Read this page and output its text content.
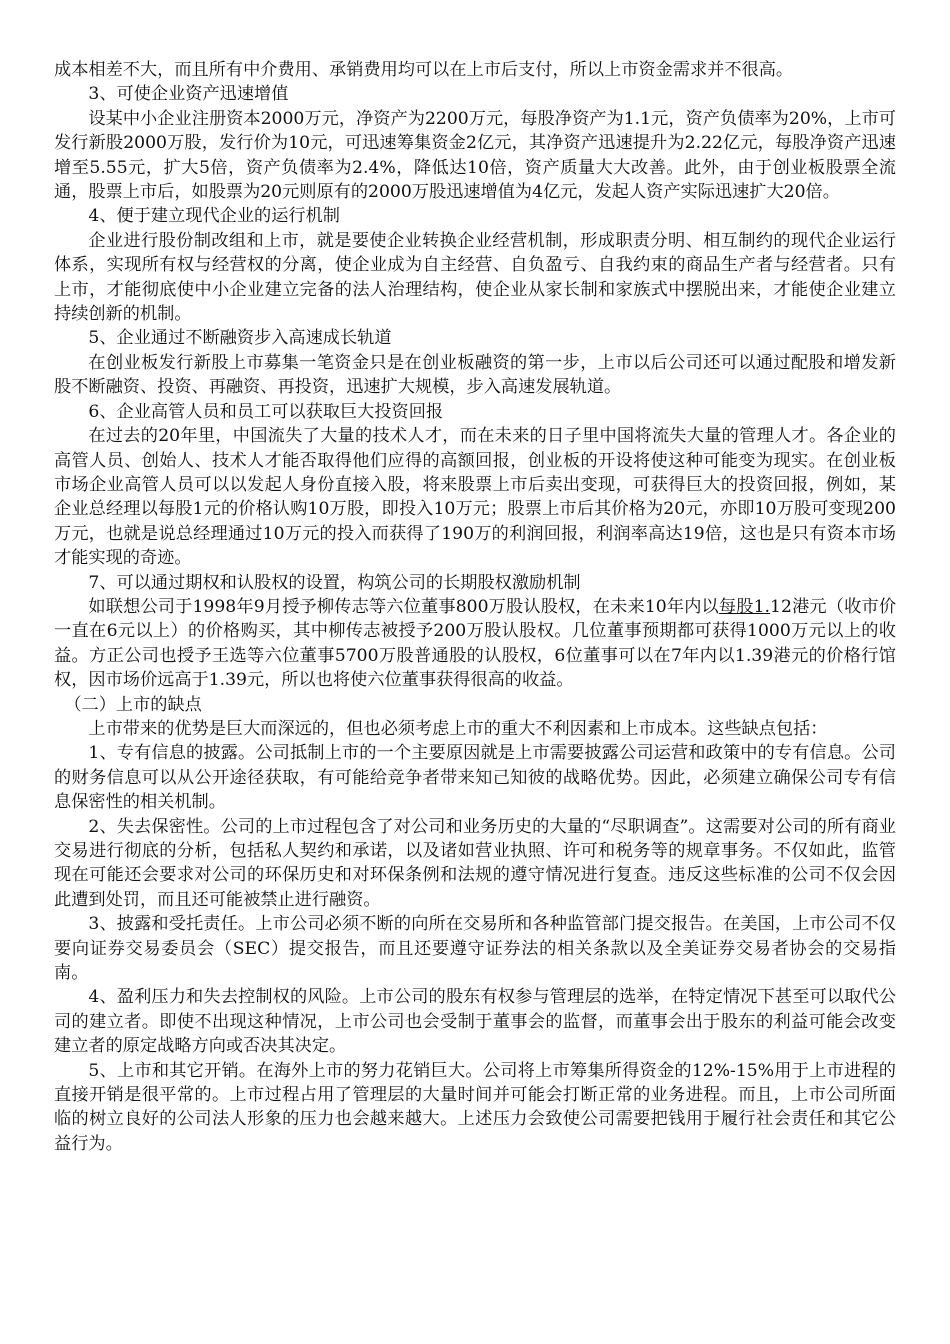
成本相差不大，而且所有中介费用、承销费用均可以在上市后支付，所以上市资金需求并不很高。

3、可使企业资产迅速增值

设某中小企业注册资本2000万元，净资产为2200万元，每股净资产为1.1元，资产负债率为20%，上市可发行新股2000万股，发行价为10元，可迅速筹集资金2亿元，其净资产迅速提升为2.22亿元，每股净资产迅速增至5.55元，扩大5倍，资产负债率为2.4%，降低达10倍，资产质量大大改善。此外，由于创业板股票全流通，股票上市后，如股票为20元则原有的2000万股迅速增值为4亿元，发起人资产实际迅速扩大20倍。

4、便于建立现代企业的运行机制

企业进行股份制改组和上市，就是要使企业转换企业经营机制，形成职责分明、相互制约的现代企业运行体系，实现所有权与经营权的分离，使企业成为自主经营、自负盈亏、自我约束的商品生产者与经营者。只有上市，才能彻底使中小企业建立完备的法人治理结构，使企业从家长制和家族式中摆脱出来，才能使企业建立持续创新的机制。

5、企业通过不断融资步入高速成长轨道

在创业板发行新股上市募集一笔资金只是在创业板融资的第一步，上市以后公司还可以通过配股和增发新股不断融资、投资、再融资、再投资，迅速扩大规模，步入高速发展轨道。

6、企业高管人员和员工可以获取巨大投资回报

在过去的20年里，中国流失了大量的技术人才，而在未来的日子里中国将流失大量的管理人才。各企业的高管人员、创始人、技术人才能否取得他们应得的高额回报，创业板的开设将使这种可能变为现实。在创业板市场企业高管人员可以以发起人身份直接入股，将来股票上市后卖出变现，可获得巨大的投资回报，例如，某企业总经理以每股1元的价格认购10万股，即投入10万元；股票上市后其价格为20元，亦即10万股可变现200万元，也就是说总经理通过10万元的投入而获得了190万的利润回报，利润率高达19倍，这也是只有资本市场才能实现的奇迹。

7、可以通过期权和认股权的设置，构筑公司的长期股权激励机制

如联想公司于1998年9月授予柳传志等六位董事800万股认股权，在未来10年内以每股1.12港元（收市价一直在6元以上）的价格购买，其中柳传志被授予200万股认股权。几位董事预期都可获得1000万元以上的收益。方正公司也授予王选等六位董事5700万股普通股的认股权，6位董事可以在7年内以1.39港元的价格行馆权，因市场价远高于1.39元，所以也将使六位董事获得很高的收益。

（二）上市的缺点

上市带来的优势是巨大而深远的，但也必须考虑上市的重大不利因素和上市成本。这些缺点包括：

1、专有信息的披露。公司抵制上市的一个主要原因就是上市需要披露公司运营和政策中的专有信息。公司的财务信息可以从公开途径获取，有可能给竞争者带来知己知彼的战略优势。因此，必须建立确保公司专有信息保密性的相关机制。

2、失去保密性。公司的上市过程包含了对公司和业务历史的大量的“尽职调查”。这需要对公司的所有商业交易进行彻底的分析，包括私人契约和承诺，以及诸如营业执照、许可和税务等的规章事务。不仅如此，监管现在可能还会要求对公司的环保历史和对环保条例和法规的遵守情况进行复查。违反这些标准的公司不仅会因此遭到处罚，而且还可能被禁止进行融资。

3、披露和受托责任。上市公司必须不断的向所在交易所和各种监管部门提交报告。在美国，上市公司不仅要向证券交易委员会（SEC）提交报告，而且还要遵守证券法的相关条款以及全美证券交易者协会的交易指南。

4、盈利压力和失去控制权的风险。上市公司的股东有权参与管理层的选举，在特定情况下甚至可以取代公司的建立者。即使不出现这种情况，上市公司也会受制于董事会的监督，而董事会出于股东的利益可能会改变建立者的原定战略方向或否决其决定。

5、上市和其它开销。在海外上市的努力花销巨大。公司将上市筹集所得资金的12%-15%用于上市进程的直接开销是很平常的。上市过程占用了管理层的大量时间并可能会打断正常的业务进程。而且，上市公司所面临的树立良好的公司法人形象的压力也会越来越大。上述压力会致使公司需要把钱用于履行社会责任和其它公益行为。
